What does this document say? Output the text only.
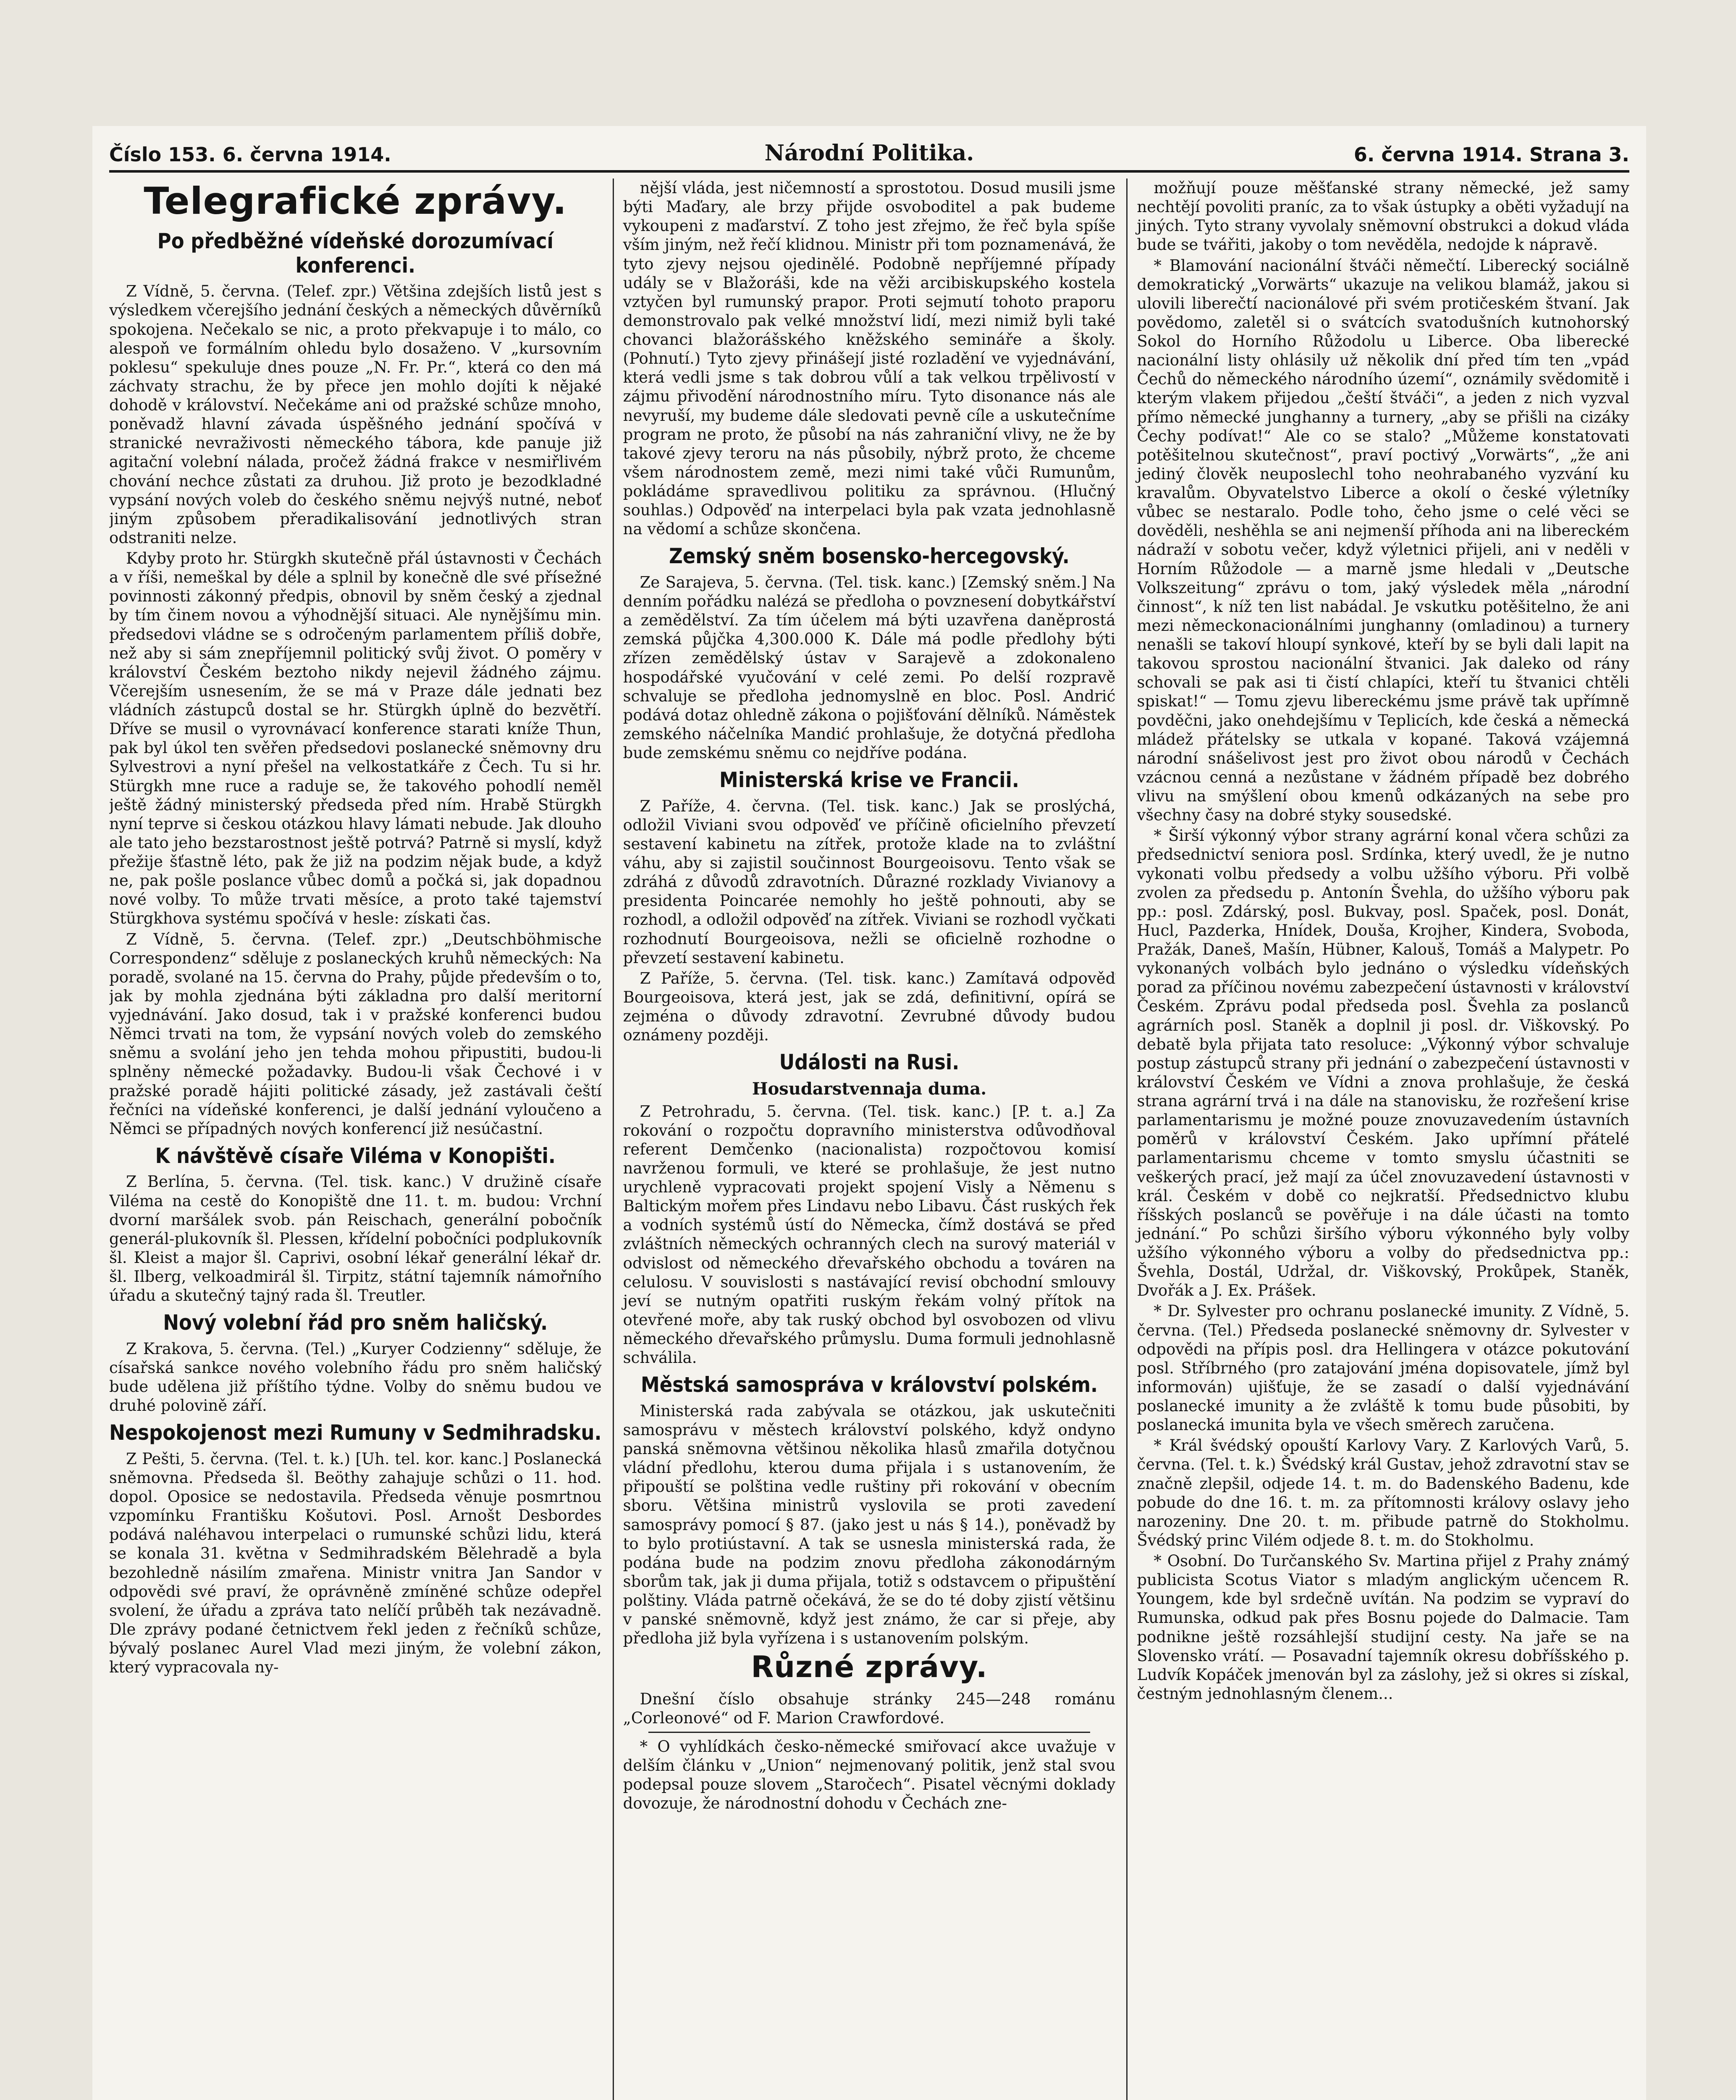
Číslo 153. 6. června 1914.	Národní Politika.	6. června 1914. Strana 3.
Telegrafické zprávy.
Po předběžné vídeňské dorozumívací konferenci.

Z Vídně, 5. června. (Telef. zpr.) Většina zdejších listů jest s výsledkem včerejšího jednání českých a německých důvěrníků spokojena. Nečekalo se nic, a proto překvapuje i to málo, co alespoň ve formálním ohledu bylo dosaženo. V „kursovním poklesu“ spekuluje dnes pouze „N. Fr. Pr.“, která co den má záchvaty strachu, že by přece jen mohlo dojíti k nějaké dohodě v království. Nečekáme ani od pražské schůze mnoho, poněvadž hlavní závada úspěšného jednání spočívá v stranické nevraživosti německého tábora, kde panuje již agitační volební nálada, pročež žádná frakce v nesmiřlivém chování nechce zůstati za druhou. Již proto je bezodkladné vypsání nových voleb do českého sněmu nejvýš nutné, neboť jiným způsobem přeradikalisování jednotlivých stran odstraniti nelze.

Kdyby proto hr. Stürgkh skutečně přál ústavnosti v Čechách a v říši, nemeškal by déle a splnil by konečně dle své přísežné povinnosti zákonný předpis, obnovil by sněm český a zjednal by tím činem novou a výhodnější situaci. Ale nynějšímu min. předsedovi vládne se s odročeným parlamentem příliš dobře, než aby si sám znepříjemnil politický svůj život. O poměry v království Českém beztoho nikdy nejevil žádného zájmu. Včerejším usnesením, že se má v Praze dále jednati bez vládních zástupců dostal se hr. Stürgkh úplně do bezvětří. Dříve se musil o vyrovnávací konference starati kníže Thun, pak byl úkol ten svěřen předsedovi poslanecké sněmovny dru Sylvestrovi a nyní přešel na velkostatkáře z Čech. Tu si hr. Stürgkh mne ruce a raduje se, že takového pohodlí neměl ještě žádný ministerský předseda před ním. Hrabě Stürgkh nyní teprve si českou otázkou hlavy lámati nebude. Jak dlouho ale tato jeho bezstarostnost ještě potrvá? Patrně si myslí, když přežije šťastně léto, pak že již na podzim nějak bude, a když ne, pak pošle poslance vůbec domů a počká si, jak dopadnou nové volby. To může trvati měsíce, a proto také tajemství Stürgkhova systému spočívá v hesle: získati čas.

Z Vídně, 5. června. (Telef. zpr.) „Deutschböhmische Correspondenz“ sděluje z poslaneckých kruhů německých: Na poradě, svolané na 15. června do Prahy, půjde především o to, jak by mohla zjednána býti základna pro další meritorní vyjednávání. Jako dosud, tak i v pražské konferenci budou Němci trvati na tom, že vypsání nových voleb do zemského sněmu a svolání jeho jen tehda mohou připustiti, budou-li splněny německé požadavky. Budou-li však Čechové i v pražské poradě hájiti politické zásady, jež zastávali čeští řečníci na vídeňské konferenci, je další jednání vyloučeno a Němci se případných nových konferencí již nesúčastní.

K návštěvě císaře Viléma v Konopišti.

Z Berlína, 5. června. (Tel. tisk. kanc.) V družině císaře Viléma na cestě do Konopiště dne 11. t. m. budou: Vrchní dvorní maršálek svob. pán Reischach, generální pobočník generál-plukovník šl. Plessen, křídelní pobočníci podplukovník šl. Kleist a major šl. Caprivi, osobní lékař generální lékař dr. šl. Ilberg, velkoadmirál šl. Tirpitz, státní tajemník námořního úřadu a skutečný tajný rada šl. Treutler.

Nový volební řád pro sněm haličský.

Z Krakova, 5. června. (Tel.) „Kuryer Codzienny“ sděluje, že císařská sankce nového volebního řádu pro sněm haličský bude udělena již příštího týdne. Volby do sněmu budou ve druhé polovině září.

Nespokojenost mezi Rumuny v Sedmihradsku.

Z Pešti, 5. června. (Tel. t. k.) [Uh. tel. kor. kanc.] Poslanecká sněmovna. Předseda šl. Beöthy zahajuje schůzi o 11. hod. dopol. Oposice se nedostavila. Předseda věnuje posmrtnou vzpomínku Františku Košutovi. Posl. Arnošt Desbordes podává naléhavou interpelaci o rumunské schůzi lidu, která se konala 31. května v Sedmihradském Bělehradě a byla bezohledně násilím zmařena. Ministr vnitra Jan Sandor v odpovědi své praví, že oprávněně zmíněné schůze odepřel svolení, že úřadu a zpráva tato nelíčí průběh tak nezávadně. Dle zprávy podané četnictvem řekl jeden z řečníků schůze, bývalý poslanec Aurel Vlad mezi jiným, že volební zákon, který vypracovala ny-

nější vláda, jest ničemností a sprostotou. Dosud musili jsme býti Maďary, ale brzy přijde osvoboditel a pak budeme vykoupeni z maďarství. Z toho jest zřejmo, že řeč byla spíše vším jiným, než řečí klidnou. Ministr při tom poznamenává, že tyto zjevy nejsou ojedinělé. Podobně nepříjemné případy udály se v Blažoráši, kde na věži arcibiskupského kostela vztyčen byl rumunský prapor. Proti sejmutí tohoto praporu demonstrovalo pak velké množství lidí, mezi nimiž byli také chovanci blažorášského kněžského semináře a školy. (Pohnutí.) Tyto zjevy přinášejí jisté rozladění ve vyjednávání, která vedli jsme s tak dobrou vůlí a tak velkou trpělivostí v zájmu přivodění národnostního míru. Tyto disonance nás ale nevyruší, my budeme dále sledovati pevně cíle a uskutečníme program ne proto, že působí na nás zahraniční vlivy, ne že by takové zjevy teroru na nás působily, nýbrž proto, že chceme všem národnostem země, mezi nimi také vůči Rumunům, pokládáme spravedlivou politiku za správnou. (Hlučný souhlas.) Odpověď na interpelaci byla pak vzata jednohlasně na vědomí a schůze skončena.

Zemský sněm bosensko-hercegovský.

Ze Sarajeva, 5. června. (Tel. tisk. kanc.) [Zemský sněm.] Na denním pořádku nalézá se předloha o povznesení dobytkářství a zemědělství. Za tím účelem má býti uzavřena daněprostá zemská půjčka 4,300.000 K. Dále má podle předlohy býti zřízen zemědělský ústav v Sarajevě a zdokonaleno hospodářské vyučování v celé zemi. Po delší rozpravě schvaluje se předloha jednomyslně en bloc. Posl. Andrić podává dotaz ohledně zákona o pojišťování dělníků. Náměstek zemského náčelníka Mandić prohlašuje, že dotyčná předloha bude zemskému sněmu co nejdříve podána.

Ministerská krise ve Francii.

Z Paříže, 4. června. (Tel. tisk. kanc.) Jak se proslýchá, odložil Viviani svou odpověď ve příčině oficielního převzetí sestavení kabinetu na zítřek, protože klade na to zvláštní váhu, aby si zajistil součinnost Bourgeoisovu. Tento však se zdráhá z důvodů zdravotních. Důrazné rozklady Vivianovy a presidenta Poincarée nemohly ho ještě pohnouti, aby se rozhodl, a odložil odpověď na zítřek. Viviani se rozhodl vyčkati rozhodnutí Bourgeoisova, nežli se oficielně rozhodne o převzetí sestavení kabinetu.

Z Paříže, 5. června. (Tel. tisk. kanc.) Zamítavá odpověď Bourgeoisova, která jest, jak se zdá, definitivní, opírá se zejména o důvody zdravotní. Zevrubné důvody budou oznámeny později.

Události na Rusi.
Hosudarstvennaja duma.

Z Petrohradu, 5. června. (Tel. tisk. kanc.) [P. t. a.] Za rokování o rozpočtu dopravního ministerstva odůvodňoval referent Demčenko (nacionalista) rozpočtovou komisí navrženou formuli, ve které se prohlašuje, že jest nutno urychleně vypracovati projekt spojení Visly a Němenu s Baltickým mořem přes Lindavu nebo Libavu. Část ruských řek a vodních systémů ústí do Německa, čímž dostává se před zvláštních německých ochranných clech na surový materiál v odvislost od německého dřevařského obchodu a továren na celulosu. V souvislosti s nastávající revisí obchodní smlouvy jeví se nutným opatřiti ruským řekám volný přítok na otevřené moře, aby tak ruský obchod byl osvobozen od vlivu německého dřevařského průmyslu. Duma formuli jednohlasně schválila.

Městská samospráva v království polském.

Ministerská rada zabývala se otázkou, jak uskutečniti samosprávu v městech království polského, když ondyno panská sněmovna většinou několika hlasů zmařila dotyčnou vládní předlohu, kterou duma přijala i s ustanovením, že připouští se polština vedle ruštiny při rokování v obecním sboru. Většina ministrů vyslovila se proti zavedení samosprávy pomocí § 87. (jako jest u nás § 14.), poněvadž by to bylo protiústavní. A tak se usnesla ministerská rada, že podána bude na podzim znovu předloha zákonodárným sborům tak, jak ji duma přijala, totiž s odstavcem o připuštění polštiny. Vláda patrně očekává, že se do té doby zjistí většinu v panské sněmovně, když jest známo, že car si přeje, aby předloha již byla vyřízena i s ustanovením polským.

Různé zprávy.

Dnešní číslo obsahuje stránky 245—248 románu „Corleonové“ od F. Marion Crawfordové.

* O vyhlídkách česko-německé smiřovací akce uvažuje v delším článku v „Union“ nejmenovaný politik, jenž stal svou podepsal pouze slovem „Staročech“. Pisatel věcnými doklady dovozuje, že národnostní dohodu v Čechách zne-

možňují pouze měšťanské strany německé, jež samy nechtějí povoliti praníc, za to však ústupky a oběti vyžadují na jiných. Tyto strany vyvolaly sněmovní obstrukci a dokud vláda bude se tvářiti, jakoby o tom nevěděla, nedojde k nápravě.

* Blamování nacionální štváči němečtí. Liberecký sociálně demokratický „Vorwärts“ ukazuje na velikou blamáž, jakou si ulovili liberečtí nacionálové při svém protičeském štvaní. Jak povědomo, zaletěl si o svátcích svatodušních kutnohorský Sokol do Horního Růžodolu u Liberce. Oba liberecké nacionální listy ohlásily už několik dní před tím ten „vpád Čechů do německého národního území“, oznámily svědomitě i kterým vlakem přijedou „čeští štváči“, a jeden z nich vyzval přímo německé junghanny a turnery, „aby se přišli na cizáky Čechy podívat!“ Ale co se stalo? „Můžeme konstatovati potěšitelnou skutečnost“, praví poctivý „Vorwärts“, „že ani jediný člověk neuposlechl toho neohrabaného vyzvání ku kravalům. Obyvatelstvo Liberce a okolí o české výletníky vůbec se nestaralo. Podle toho, čeho jsme o celé věci se dověděli, neshěhla se ani nejmenší příhoda ani na libereckém nádraží v sobotu večer, když výletnici přijeli, ani v neděli v Horním Růžodole — a marně jsme hledali v „Deutsche Volkszeitung“ zprávu o tom, jaký výsledek měla „národní činnost“, k níž ten list nabádal. Je vskutku potěšitelno, že ani mezi německonacionálními junghanny (omladinou) a turnery nenašli se takoví hloupí synkové, kteří by se byli dali lapit na takovou sprostou nacionální štvanici. Jak daleko od rány schovali se pak asi ti čistí chlapíci, kteří tu štvanici chtěli spiskat!“ — Tomu zjevu libereckému jsme právě tak upřímně povděčni, jako onehdejšímu v Teplicích, kde česká a německá mládež přátelsky se utkala v kopané. Taková vzájemná národní snášelivost jest pro život obou národů v Čechách vzácnou cenná a nezůstane v žádném případě bez dobrého vlivu na smýšlení obou kmenů odkázaných na sebe pro všechny časy na dobré styky sousedské.

* Širší výkonný výbor strany agrární konal včera schůzi za předsednictví seniora posl. Srdínka, který uvedl, že je nutno vykonati volbu předsedy a volbu užšího výboru. Při volbě zvolen za předsedu p. Antonín Švehla, do užšího výboru pak pp.: posl. Zdárský, posl. Bukvay, posl. Spaček, posl. Donát, Hucl, Pazderka, Hnídek, Douša, Krojher, Kindera, Svoboda, Pražák, Daneš, Mašín, Hübner, Kalouš, Tomáš a Malypetr. Po vykonaných volbách bylo jednáno o výsledku vídeňských porad za příčinou novému zabezpečení ústavnosti v království Českém. Zprávu podal předseda posl. Švehla za poslanců agrárních posl. Staněk a doplnil ji posl. dr. Viškovský. Po debatě byla přijata tato resoluce: „Výkonný výbor schvaluje postup zástupců strany při jednání o zabezpečení ústavnosti v království Českém ve Vídni a znova prohlašuje, že česká strana agrární trvá i na dále na stanovisku, že rozřešení krise parlamentarismu je možné pouze znovuzavedením ústavních poměrů v království Českém. Jako upřímní přátelé parlamentarismu chceme v tomto smyslu účastniti se veškerých prací, jež mají za účel znovuzavedení ústavnosti v král. Českém v době co nejkratší. Předsednictvo klubu říšských poslanců se pověřuje i na dále účasti na tomto jednání.“ Po schůzi širšího výboru výkonného byly volby užšího výkonného výboru a volby do předsednictva pp.: Švehla, Dostál, Udržal, dr. Viškovský, Prokůpek, Staněk, Dvořák a J. Ex. Prášek.

* Dr. Sylvester pro ochranu poslanecké imunity. Z Vídně, 5. června. (Tel.) Předseda poslanecké sněmovny dr. Sylvester v odpovědi na přípis posl. dra Hellingera v otázce pokutování posl. Stříbrného (pro zatajování jména dopisovatele, jímž byl informován) ujišťuje, že se zasadí o další vyjednávání poslanecké imunity a že zvláště k tomu bude působiti, by poslanecká imunita byla ve všech směrech zaručena.

* Král švédský opouští Karlovy Vary. Z Karlových Varů, 5. června. (Tel. t. k.) Švédský král Gustav, jehož zdravotní stav se značně zlepšil, odjede 14. t. m. do Badenského Badenu, kde pobude do dne 16. t. m. za přítomnosti královy oslavy jeho narozeniny. Dne 20. t. m. přibude patrně do Stokholmu. Švédský princ Vilém odjede 8. t. m. do Stokholmu.

* Osobní. Do Turčanského Sv. Martina přijel z Prahy známý publicista Scotus Viator s mladým anglickým učencem R. Youngem, kde byl srdečně uvítán. Na podzim se vypraví do Rumunska, odkud pak přes Bosnu pojede do Dalmacie. Tam podnikne ještě rozsáhlejší studijní cesty. Na jaře se na Slovensko vrátí. — Posavadní tajemník okresu dobříšského p. Ludvík Kopáček jmenován byl za záslohy, jež si okres si získal, čestným jednohlasným členem...
